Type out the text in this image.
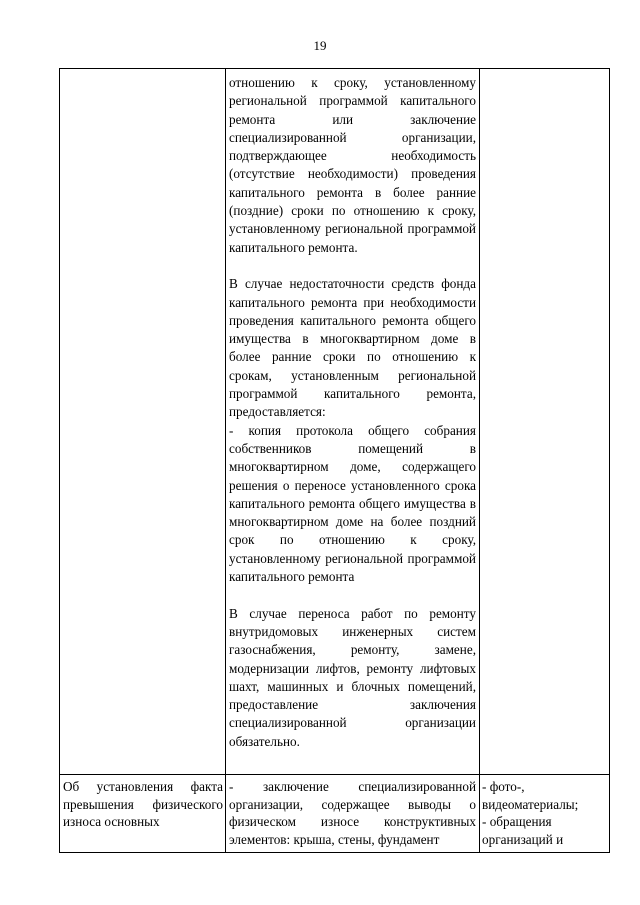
19

отношению к сроку, установленному региональной программой капитального ремонта или заключение специализированной организации, подтверждающее необходимость (отсутствие необходимости) проведения капитального ремонта в более ранние (поздние) сроки по отношению к сроку, установленному региональной программой капитального ремонта.

В случае недостаточности средств фонда капитального ремонта при необходимости проведения капитального ремонта общего имущества в многоквартирном доме в более ранние сроки по отношению к срокам, установленным региональной программой капитального ремонта, предоставляется:
- копия протокола общего собрания собственников помещений в многоквартирном доме, содержащего решения о переносе установленного срока капитального ремонта общего имущества в многоквартирном доме на более поздний срок по отношению к сроку, установленному региональной программой капитального ремонта

В случае переноса работ по ремонту внутридомовых инженерных систем газоснабжения, ремонту, замене, модернизации лифтов, ремонту лифтовых шахт, машинных и блочных помещений, предоставление заключения специализированной организации обязательно.

Об установления факта превышения физического износа основных
- заключение специализированной организации, содержащее выводы о физическом износе конструктивных элементов: крыша, стены, фундамент
- фото-,
видеоматериалы;
- обращения
организаций и
